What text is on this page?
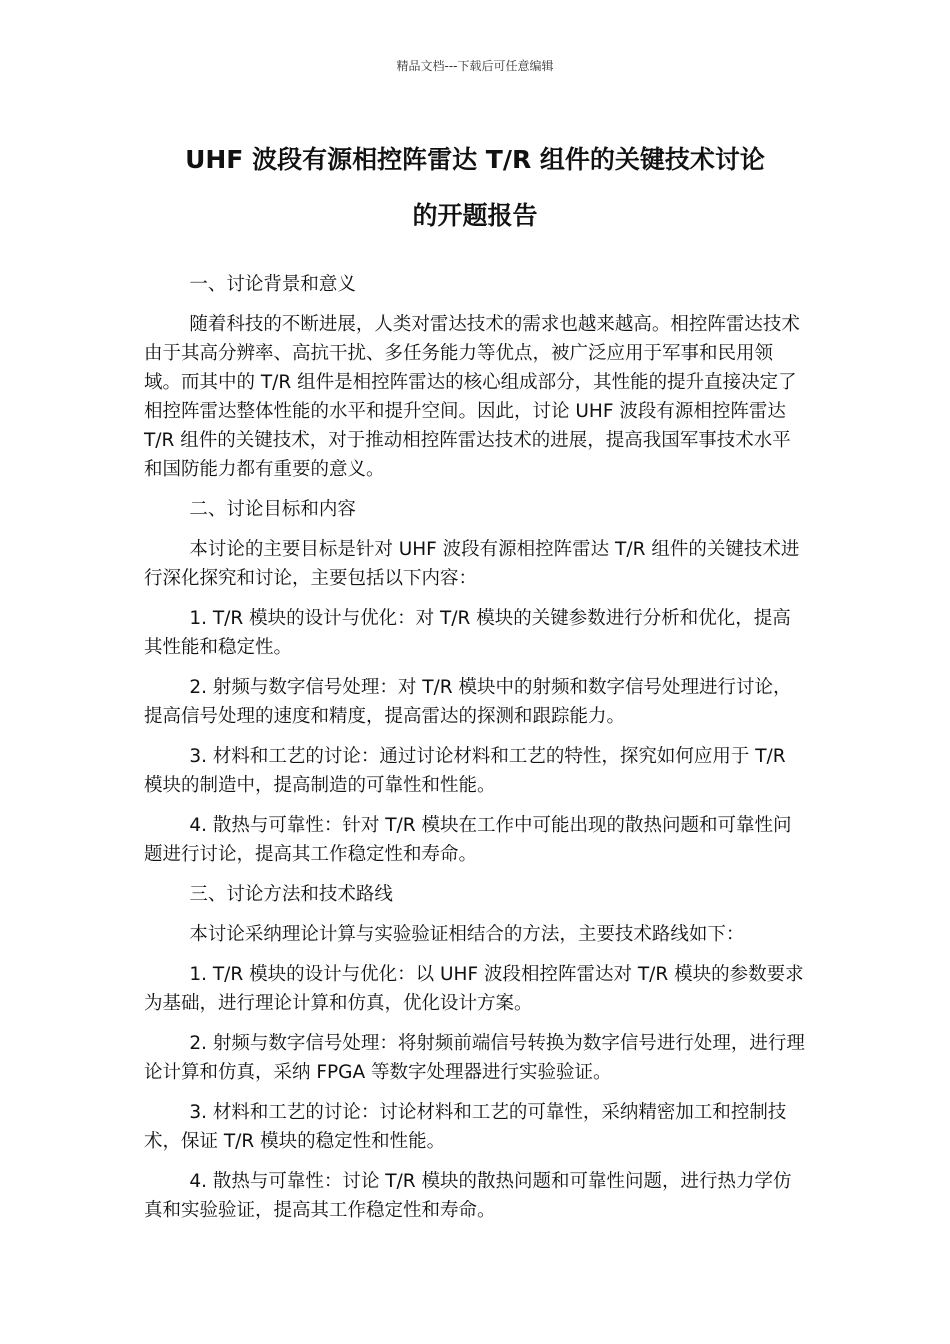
精品文档---下载后可任意编辑
UHF 波段有源相控阵雷达 T/R 组件的关键技术讨论
的开题报告

一、讨论背景和意义

随着科技的不断进展，人类对雷达技术的需求也越来越高。相控阵雷达技术由于其高分辨率、高抗干扰、多任务能力等优点，被广泛应用于军事和民用领域。而其中的 T/R 组件是相控阵雷达的核心组成部分，其性能的提升直接决定了相控阵雷达整体性能的水平和提升空间。因此，讨论 UHF 波段有源相控阵雷达 T/R 组件的关键技术，对于推动相控阵雷达技术的进展，提高我国军事技术水平和国防能力都有重要的意义。

二、讨论目标和内容

本讨论的主要目标是针对 UHF 波段有源相控阵雷达 T/R 组件的关键技术进行深化探究和讨论，主要包括以下内容：

1. T/R 模块的设计与优化：对 T/R 模块的关键参数进行分析和优化，提高其性能和稳定性。

2. 射频与数字信号处理：对 T/R 模块中的射频和数字信号处理进行讨论，提高信号处理的速度和精度，提高雷达的探测和跟踪能力。

3. 材料和工艺的讨论：通过讨论材料和工艺的特性，探究如何应用于 T/R 模块的制造中，提高制造的可靠性和性能。

4. 散热与可靠性：针对 T/R 模块在工作中可能出现的散热问题和可靠性问题进行讨论，提高其工作稳定性和寿命。

三、讨论方法和技术路线

本讨论采纳理论计算与实验验证相结合的方法，主要技术路线如下：

1. T/R 模块的设计与优化：以 UHF 波段相控阵雷达对 T/R 模块的参数要求为基础，进行理论计算和仿真，优化设计方案。

2. 射频与数字信号处理：将射频前端信号转换为数字信号进行处理，进行理论计算和仿真，采纳 FPGA 等数字处理器进行实验验证。

3. 材料和工艺的讨论：讨论材料和工艺的可靠性，采纳精密加工和控制技术，保证 T/R 模块的稳定性和性能。

4. 散热与可靠性：讨论 T/R 模块的散热问题和可靠性问题，进行热力学仿真和实验验证，提高其工作稳定性和寿命。
